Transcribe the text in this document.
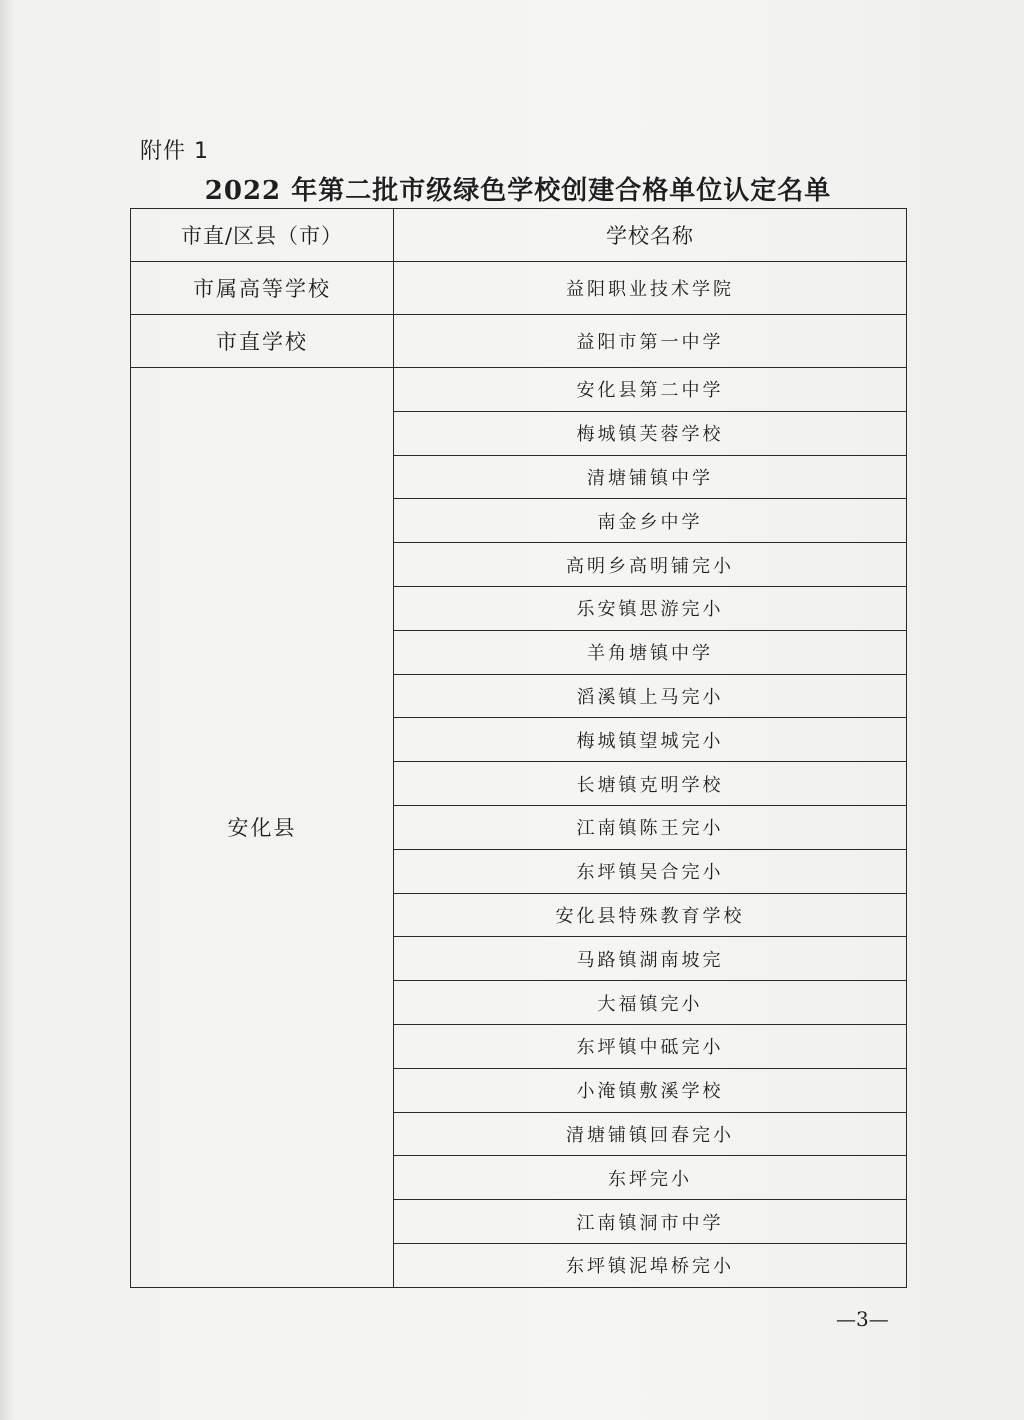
附件 1
2022 年第二批市级绿色学校创建合格单位认定名单
市直/区县（市）	学校名称
市属高等学校	益阳职业技术学院
市直学校	益阳市第一中学
安化县	安化县第二中学
	梅城镇芙蓉学校
	清塘铺镇中学
	南金乡中学
	高明乡高明铺完小
	乐安镇思游完小
	羊角塘镇中学
	滔溪镇上马完小
	梅城镇望城完小
	长塘镇克明学校
	江南镇陈王完小
	东坪镇吴合完小
	安化县特殊教育学校
	马路镇湖南坡完
	大福镇完小
	东坪镇中砥完小
	小淹镇敷溪学校
	清塘铺镇回春完小
	东坪完小
	江南镇洞市中学
	东坪镇泥埠桥完小
—3—
